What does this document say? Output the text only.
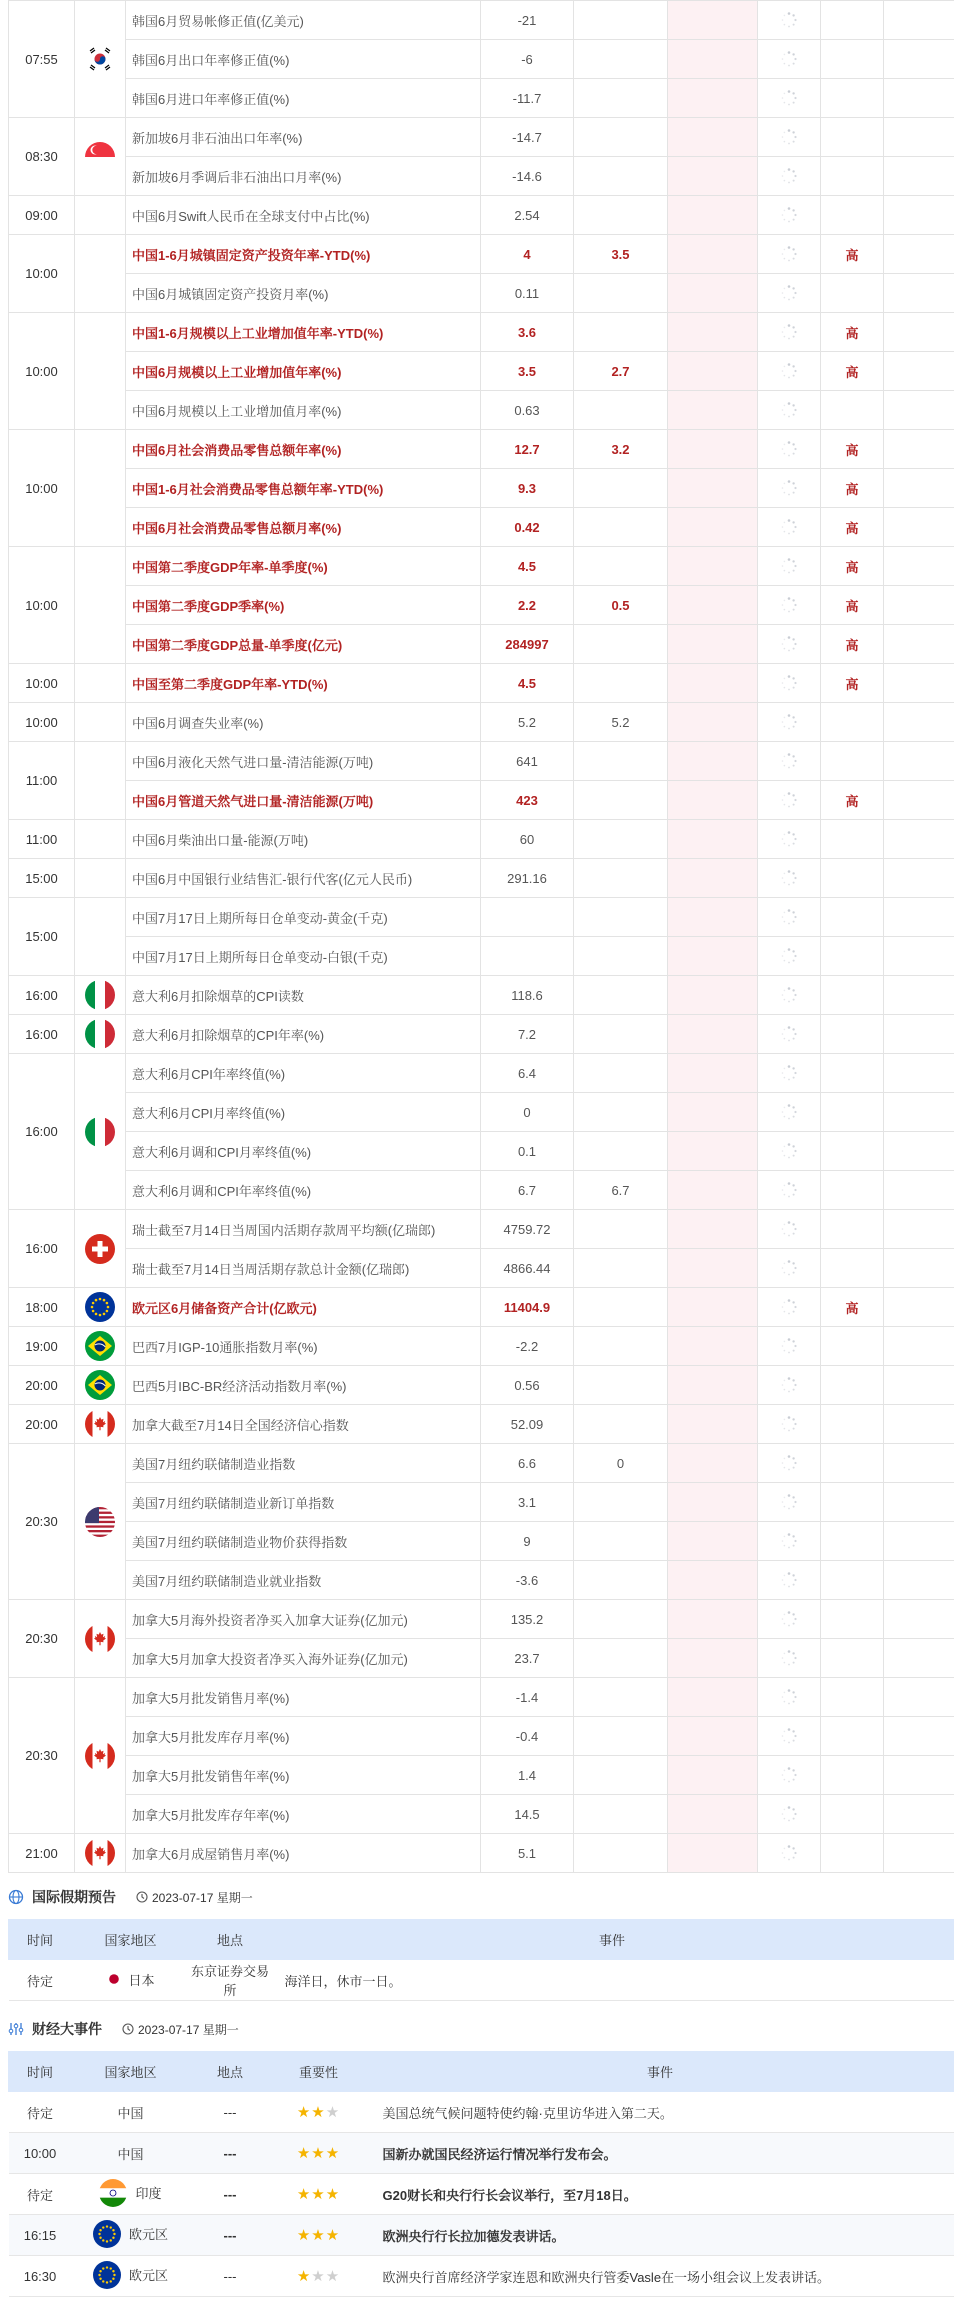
07:55		韩国6月贸易帐修正值(亿美元)	-21			

		韩国6月出口年率修正值(%)	-6			

		韩国6月进口年率修正值(%)	-11.7			

08:30		新加坡6月非石油出口年率(%)	-14.7			

		新加坡6月季调后非石油出口月率(%)	-14.6			

09:00		中国6月Swift人民币在全球支付中占比(%)	2.54			

10:00		中国1-6月城镇固定资产投资年率-YTD(%)	4	3.5			高		

		中国6月城镇固定资产投资月率(%)	0.11			

10:00		中国1-6月规模以上工业增加值年率-YTD(%)	3.6				高		

		中国6月规模以上工业增加值年率(%)	3.5	2.7			高		

		中国6月规模以上工业增加值月率(%)	0.63			

10:00		中国6月社会消费品零售总额年率(%)	12.7	3.2			高		

		中国1-6月社会消费品零售总额年率-YTD(%)	9.3				高		

		中国6月社会消费品零售总额月率(%)	0.42				高		

10:00		中国第二季度GDP年率-单季度(%)	4.5				高		

		中国第二季度GDP季率(%)	2.2	0.5			高		

		中国第二季度GDP总量-单季度(亿元)	284997				高		

10:00		中国至第二季度GDP年率-YTD(%)	4.5				高		

10:00		中国6月调查失业率(%)	5.2	5.2		

11:00		中国6月液化天然气进口量-清洁能源(万吨)	641			

		中国6月管道天然气进口量-清洁能源(万吨)	423				高		

11:00		中国6月柴油出口量-能源(万吨)	60			

15:00		中国6月中国银行业结售汇-银行代客(亿元人民币)	291.16			

15:00		中国7月17日上期所每日仓单变动-黄金(千克)				

		中国7月17日上期所每日仓单变动-白银(千克)				

16:00		意大利6月扣除烟草的CPI读数	118.6			

16:00		意大利6月扣除烟草的CPI年率(%)	7.2			

16:00		意大利6月CPI年率终值(%)	6.4			

		意大利6月CPI月率终值(%)	0			

		意大利6月调和CPI月率终值(%)	0.1			

		意大利6月调和CPI年率终值(%)	6.7	6.7		

16:00		瑞士截至7月14日当周国内活期存款周平均额(亿瑞郎)	4759.72			

		瑞士截至7月14日当周活期存款总计金额(亿瑞郎)	4866.44			

18:00		欧元区6月储备资产合计(亿欧元)	11404.9				高		

19:00		巴西7月IGP-10通胀指数月率(%)	-2.2			

20:00		巴西5月IBC-BR经济活动指数月率(%)	0.56			

20:00		加拿大截至7月14日全国经济信心指数	52.09			

20:30		美国7月纽约联储制造业指数	6.6	0		

		美国7月纽约联储制造业新订单指数	3.1			

		美国7月纽约联储制造业物价获得指数	9			

		美国7月纽约联储制造业就业指数	-3.6			

20:30		加拿大5月海外投资者净买入加拿大证券(亿加元)	135.2			

		加拿大5月加拿大投资者净买入海外证券(亿加元)	23.7			

20:30		加拿大5月批发销售月率(%)	-1.4			

		加拿大5月批发库存月率(%)	-0.4			

		加拿大5月批发销售年率(%)	1.4			

		加拿大5月批发库存年率(%)	14.5			

21:00		加拿大6月成屋销售月率(%)	5.1			

国际假期预告	2023-07-17 星期一
时间	国家地区	地点	事件
待定	日本	东京证券交易所	海洋日，休市一日。
财经大事件	2023-07-17 星期一
时间	国家地区	地点	重要性	事件
待定	中国	---	★★★	美国总统气候问题特使约翰·克里访华进入第二天。
10:00	中国	---	★★★	国新办就国民经济运行情况举行发布会。
待定	印度	---	★★★	G20财长和央行行长会议举行，至7月18日。
16:15	欧元区	---	★★★	欧洲央行行长拉加德发表讲话。
16:30	欧元区	---	★★★	欧洲央行首席经济学家连恩和欧洲央行管委Vasle在一场小组会议上发表讲话。
